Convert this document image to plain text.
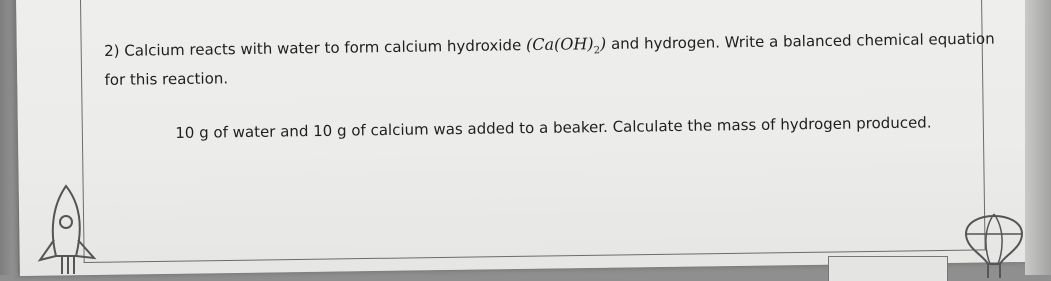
2) Calcium reacts with water to form calcium hydroxide $(Ca(OH)_2)$ and hydrogen. Write a balanced chemical equation
for this reaction.
10 g of water and 10 g of calcium was added to a beaker. Calculate the mass of hydrogen produced.
